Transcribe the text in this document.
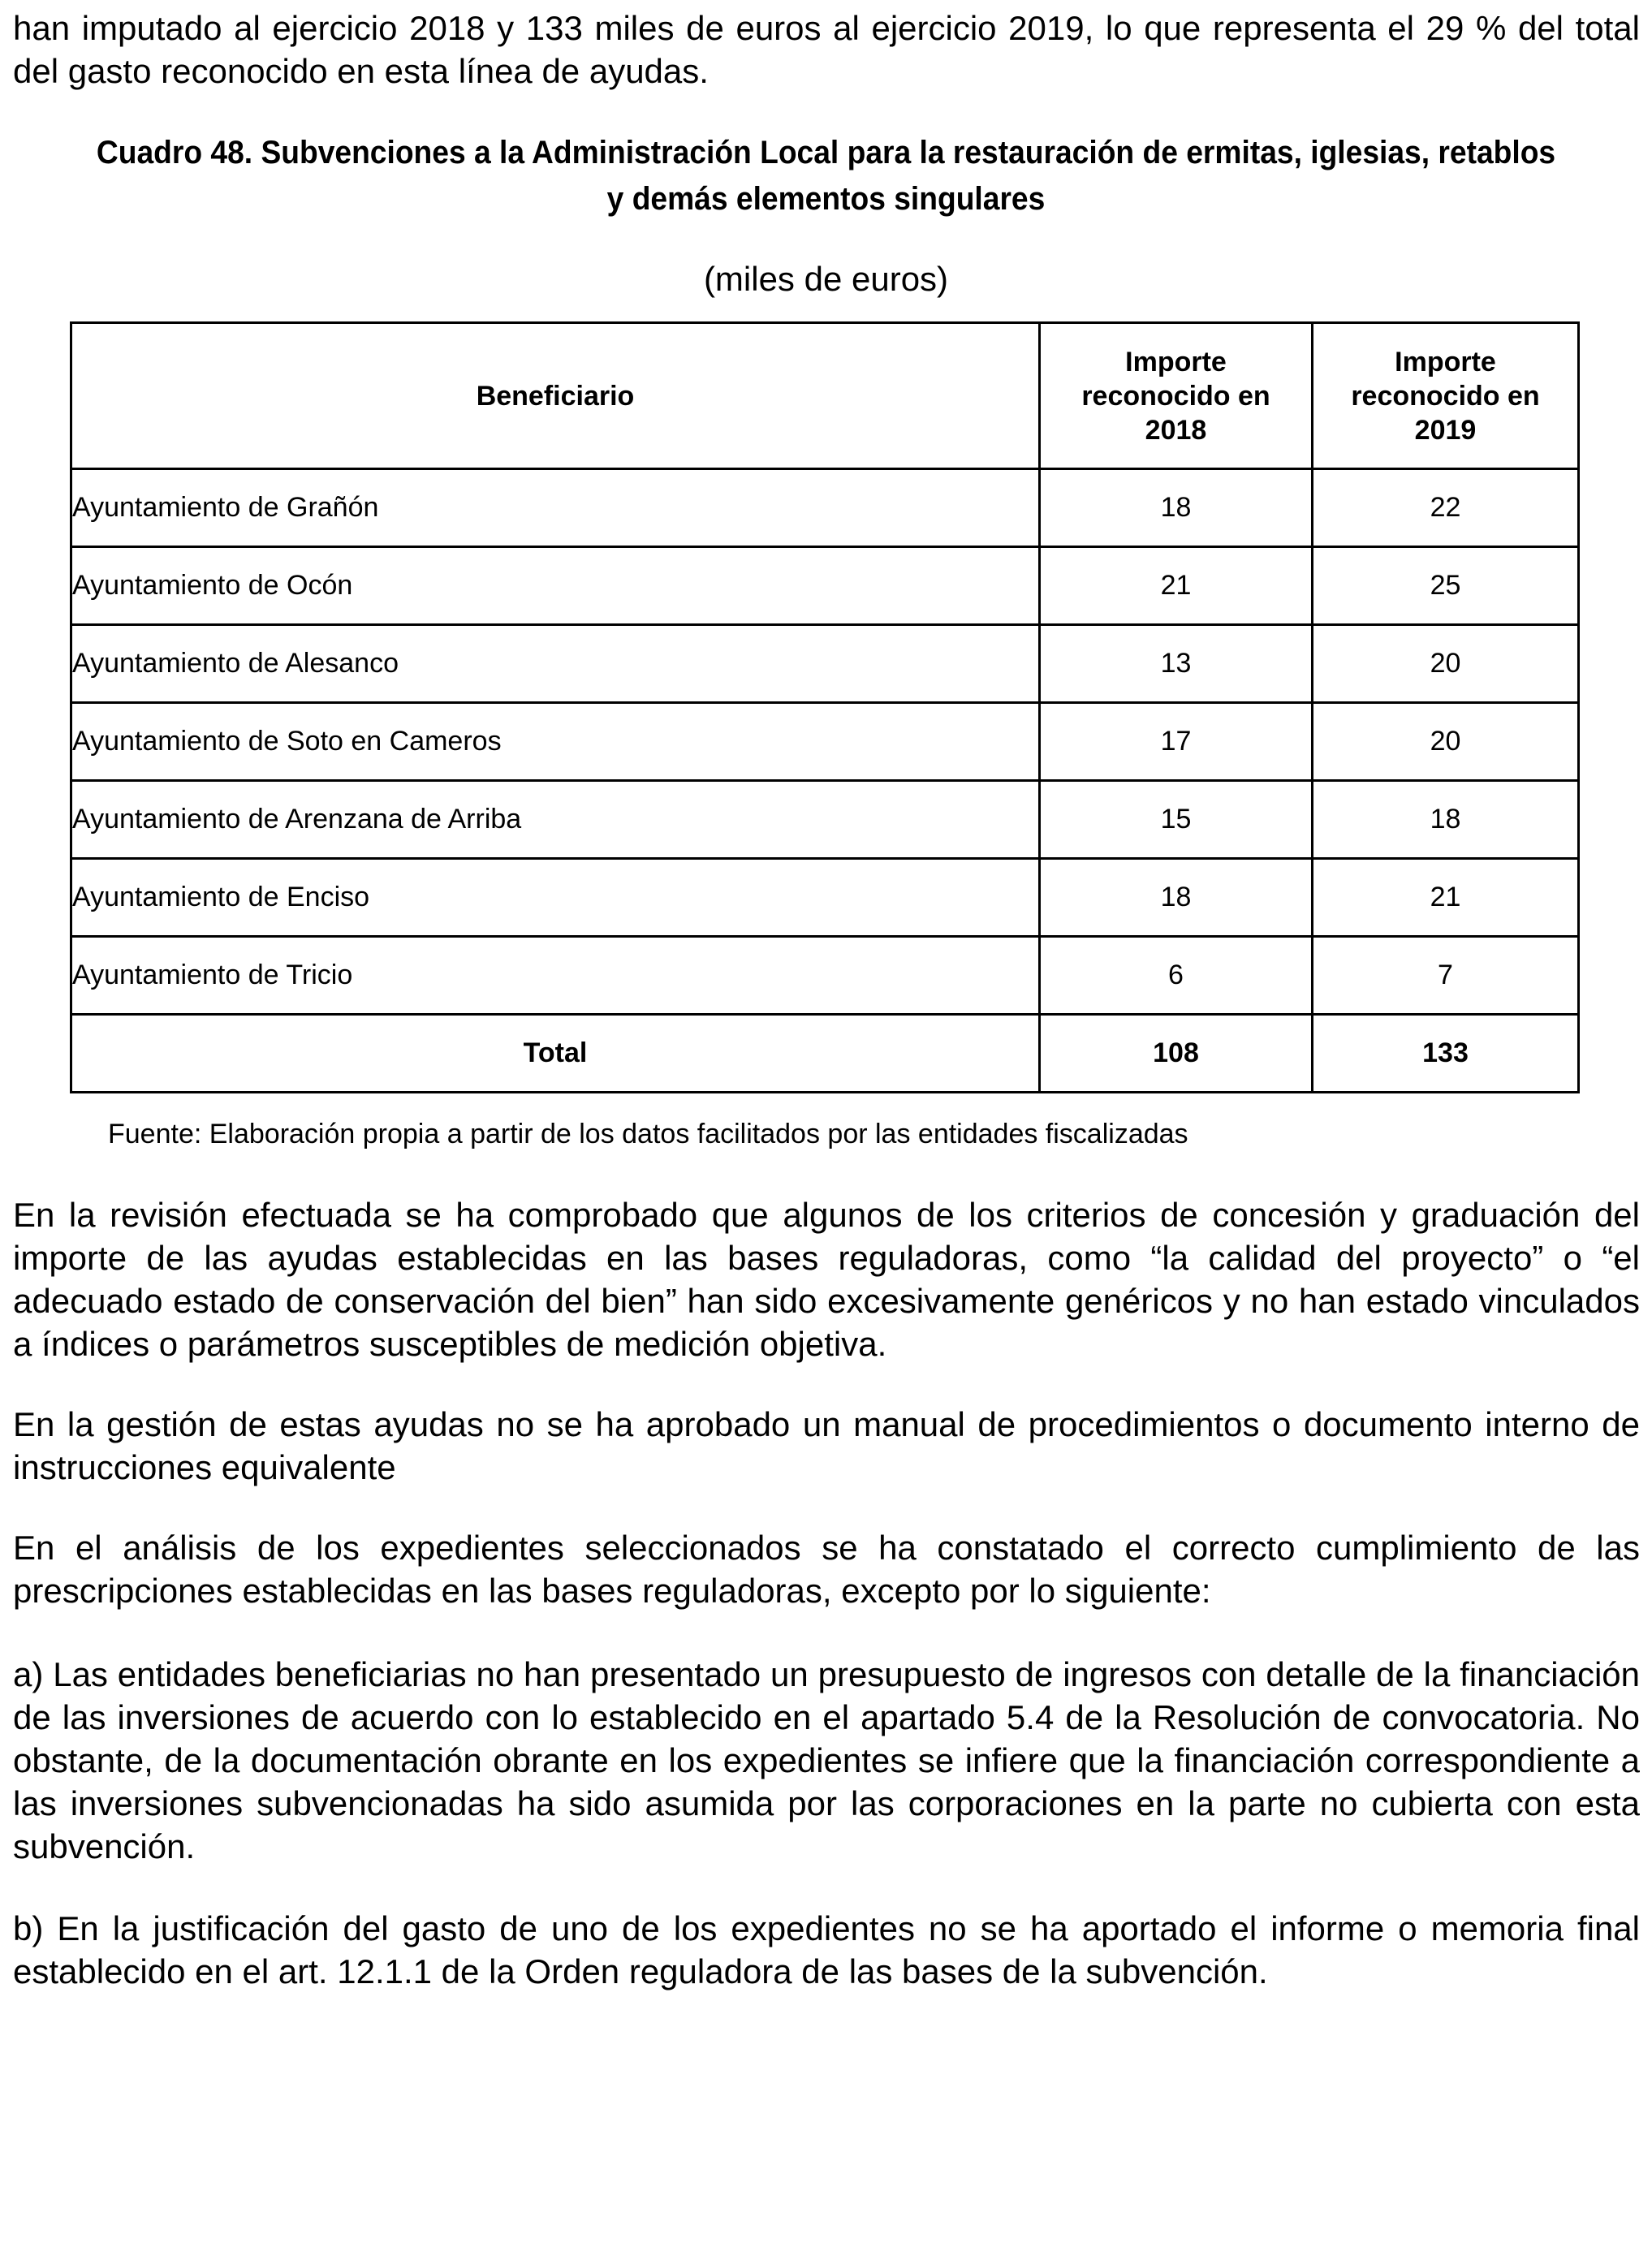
han imputado al ejercicio 2018 y 133 miles de euros al ejercicio 2019, lo que representa el 29 % del total del gasto reconocido en esta línea de ayudas.

Cuadro 48. Subvenciones a la Administración Local para la restauración de ermitas, iglesias, retablos
y demás elementos singulares

(miles de euros)

Beneficiario	Importe reconocido en 2018	Importe reconocido en 2019
Ayuntamiento de Grañón	18	22
Ayuntamiento de Ocón	21	25
Ayuntamiento de Alesanco	13	20
Ayuntamiento de Soto en Cameros	17	20
Ayuntamiento de Arenzana de Arriba	15	18
Ayuntamiento de Enciso	18	21
Ayuntamiento de Tricio	6	7
Total	108	133

Fuente: Elaboración propia a partir de los datos facilitados por las entidades fiscalizadas

En la revisión efectuada se ha comprobado que algunos de los criterios de concesión y graduación del importe de las ayudas establecidas en las bases reguladoras, como “la calidad del proyecto” o “el adecuado estado de conservación del bien” han sido excesivamente genéricos y no han estado vinculados a índices o parámetros susceptibles de medición objetiva.

En la gestión de estas ayudas no se ha aprobado un manual de procedimientos o documento interno de instrucciones equivalente

En el análisis de los expedientes seleccionados se ha constatado el correcto cumplimiento de las prescripciones establecidas en las bases reguladoras, excepto por lo siguiente:

a) Las entidades beneficiarias no han presentado un presupuesto de ingresos con detalle de la financiación de las inversiones de acuerdo con lo establecido en el apartado 5.4 de la Resolución de convocatoria. No obstante, de la documentación obrante en los expedientes se infiere que la financiación correspondiente a las inversiones subvencionadas ha sido asumida por las corporaciones en la parte no cubierta con esta subvención.

b) En la justificación del gasto de uno de los expedientes no se ha aportado el informe o memoria final establecido en el art. 12.1.1 de la Orden reguladora de las bases de la subvención.
